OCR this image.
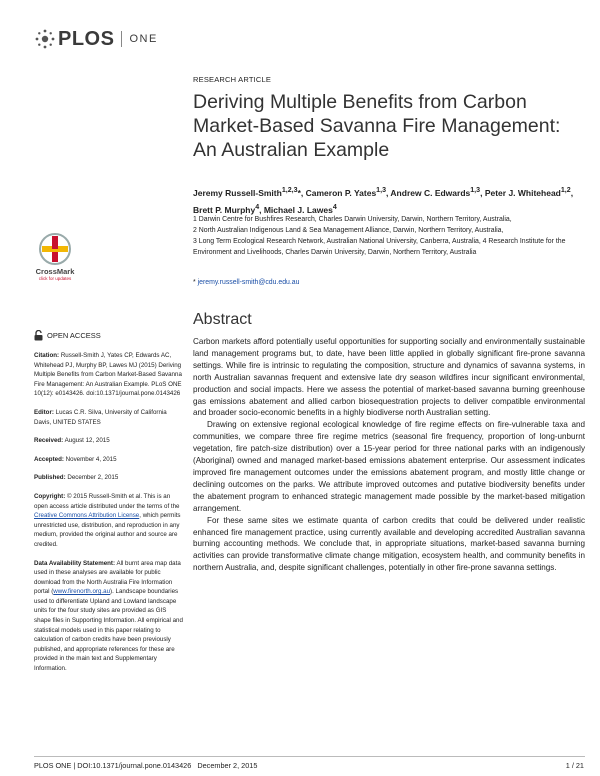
PLOS ONE
RESEARCH ARTICLE
Deriving Multiple Benefits from Carbon Market-Based Savanna Fire Management: An Australian Example
Jeremy Russell-Smith$^{1,2,3}$*, Cameron P. Yates$^{1,3}$, Andrew C. Edwards$^{1,3}$, Peter J. Whitehead$^{1,2}$, Brett P. Murphy$^4$, Michael J. Lawes$^4$
1 Darwin Centre for Bushfires Research, Charles Darwin University, Darwin, Northern Territory, Australia,
2 North Australian Indigenous Land & Sea Management Alliance, Darwin, Northern Territory, Australia,
3 Long Term Ecological Research Network, Australian National University, Canberra, Australia, 4 Research Institute for the Environment and Livelihoods, Charles Darwin University, Darwin, Northern Territory, Australia
* jeremy.russell-smith@cdu.edu.au
CrossMark
click for updates
OPEN ACCESS

Citation: Russell-Smith J, Yates CP, Edwards AC, Whitehead PJ, Murphy BP, Lawes MJ (2015) Deriving Multiple Benefits from Carbon Market-Based Savanna Fire Management: An Australian Example. PLoS ONE 10(12): e0143426. doi:10.1371/journal.pone.0143426

Editor: Lucas C.R. Silva, University of California Davis, UNITED STATES

Received: August 12, 2015

Accepted: November 4, 2015

Published: December 2, 2015

Copyright: © 2015 Russell-Smith et al. This is an open access article distributed under the terms of the Creative Commons Attribution License, which permits unrestricted use, distribution, and reproduction in any medium, provided the original author and source are credited.

Data Availability Statement: All burnt area map data used in these analyses are available for public download from the North Australia Fire Information portal (www.firenorth.org.au). Landscape boundaries used to differentiate Upland and Lowland landscape units for the four study sites are provided as GIS shape files in Supporting Information. All empirical and statistical models used in this paper relating to calculation of carbon credits have been previously published, and appropriate references for these are provided in the main text and Supplementary Information.

Abstract

Carbon markets afford potentially useful opportunities for supporting socially and environmentally sustainable land management programs but, to date, have been little applied in globally significant fire-prone savanna settings. While fire is intrinsic to regulating the composition, structure and dynamics of savanna systems, in north Australian savannas frequent and extensive late dry season wildfires incur significant environmental, production and social impacts. Here we assess the potential of market-based savanna burning greenhouse gas emissions abatement and allied carbon biosequestration projects to deliver compatible environmental and broader socio-economic benefits in a highly biodiverse north Australian setting.

Drawing on extensive regional ecological knowledge of fire regime effects on fire-vulnerable taxa and communities, we compare three fire regime metrics (seasonal fire frequency, proportion of long-unburnt vegetation, fire patch-size distribution) over a 15-year period for three national parks with an indigenously (Aboriginal) owned and managed market-based emissions abatement enterprise. Our assessment indicates improved fire management outcomes under the emissions abatement program, and mostly little change or declining outcomes on the parks. We attribute improved outcomes and putative biodiversity benefits under the abatement program to enhanced strategic management made possible by the market-based mitigation arrangement.

For these same sites we estimate quanta of carbon credits that could be delivered under realistic enhanced fire management practice, using currently available and developing accredited Australian savanna burning accounting methods. We conclude that, in appropriate situations, market-based savanna burning activities can provide transformative climate change mitigation, ecosystem health, and community benefits in northern Australia, and, despite significant challenges, potentially in other fire-prone savanna settings.

PLOS ONE | DOI:10.1371/journal.pone.0143426   December 2, 2015	1 / 21
